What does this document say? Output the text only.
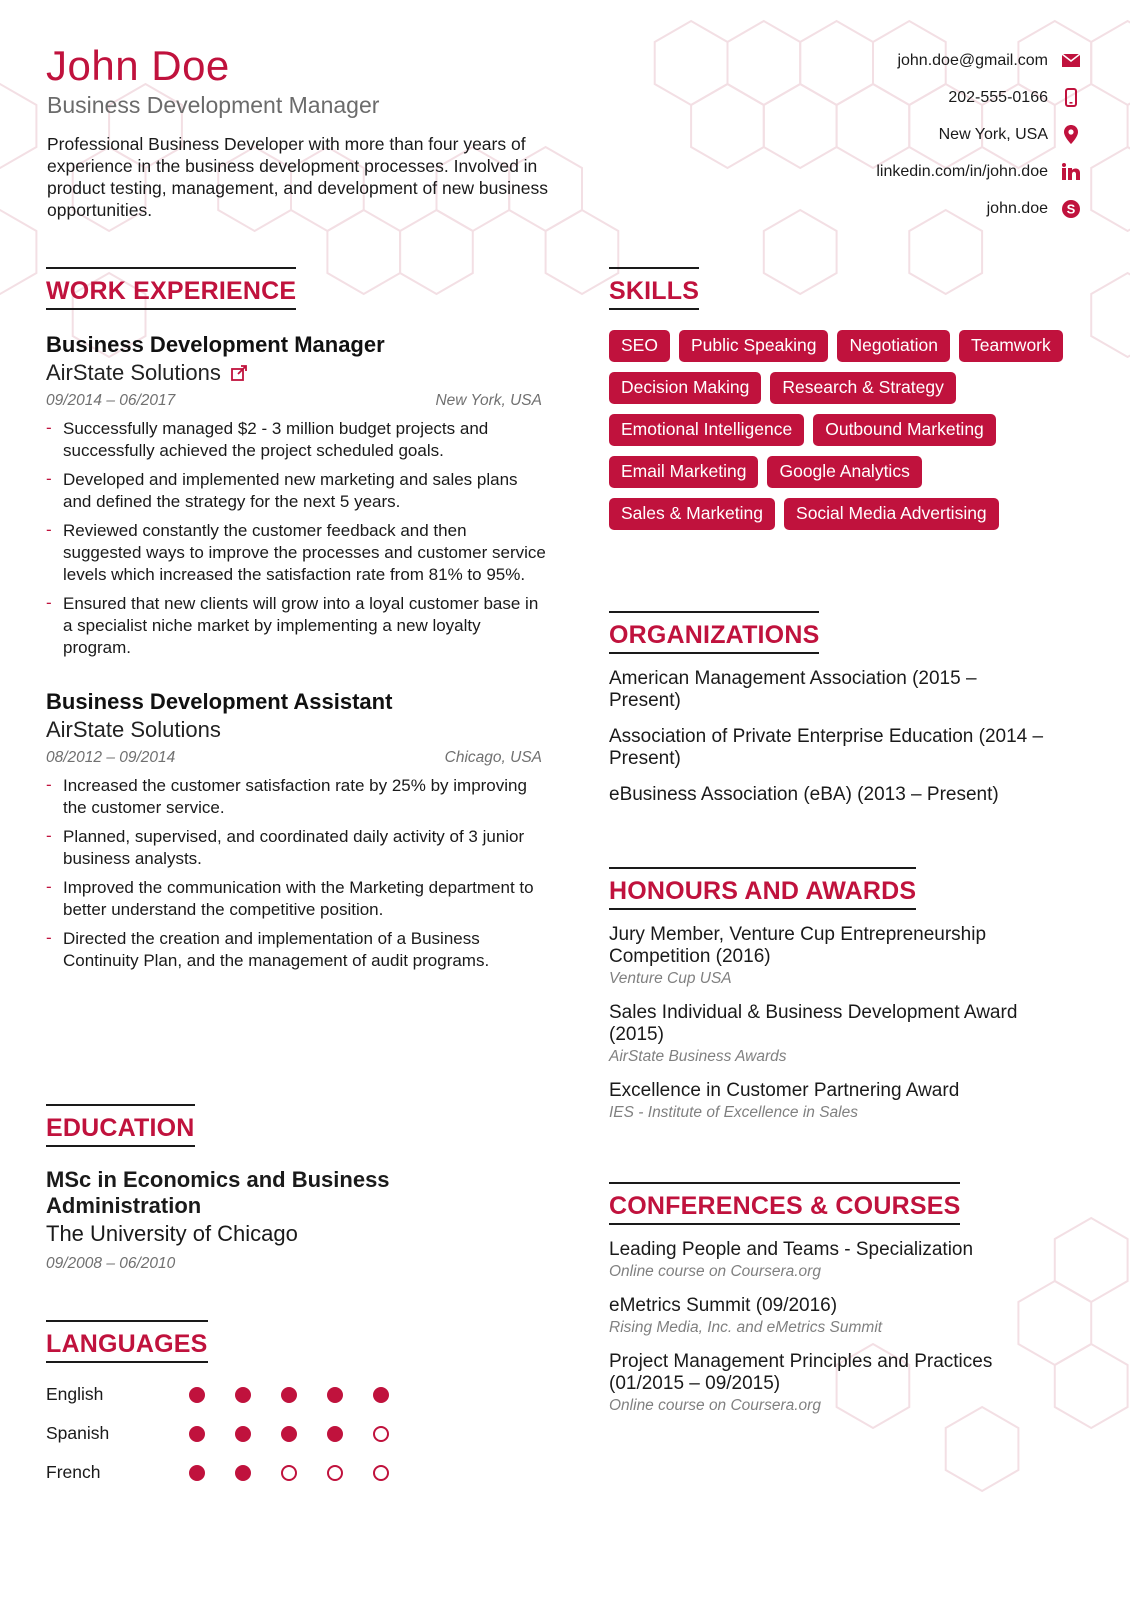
John Doe
Business Development Manager
Professional Business Developer with more than four years of experience in the business development processes. Involved in product testing, management, and development of new business opportunities.
john.doe@gmail.com
202-555-0166
New York, USA
linkedin.com/in/john.doe
john.doe S
WORK EXPERIENCE
Business Development Manager
AirState Solutions
09/2014 – 06/2017	New York, USA
- Successfully managed $2 - 3 million budget projects and successfully achieved the project scheduled goals.
- Developed and implemented new marketing and sales plans and defined the strategy for the next 5 years.
- Reviewed constantly the customer feedback and then suggested ways to improve the processes and customer service levels which increased the satisfaction rate from 81% to 95%.
- Ensured that new clients will grow into a loyal customer base in a specialist niche market by implementing a new loyalty program.
Business Development Assistant
AirState Solutions
08/2012 – 09/2014	Chicago, USA
- Increased the customer satisfaction rate by 25% by improving the customer service.
- Planned, supervised, and coordinated daily activity of 3 junior business analysts.
- Improved the communication with the Marketing department to better understand the competitive position.
- Directed the creation and implementation of a Business Continuity Plan, and the management of audit programs.
EDUCATION
MSc in Economics and Business Administration
The University of Chicago
09/2008 – 06/2010
LANGUAGES
English
Spanish
French
SKILLS
SEO	Public Speaking	Negotiation	Teamwork
Decision Making	Research & Strategy
Emotional Intelligence	Outbound Marketing
Email Marketing	Google Analytics
Sales & Marketing	Social Media Advertising
ORGANIZATIONS
American Management Association (2015 – Present)
Association of Private Enterprise Education (2014 – Present)
eBusiness Association (eBA) (2013 – Present)
HONOURS AND AWARDS
Jury Member, Venture Cup Entrepreneurship Competition (2016)
Venture Cup USA
Sales Individual & Business Development Award (2015)
AirState Business Awards
Excellence in Customer Partnering Award
IES - Institute of Excellence in Sales
CONFERENCES & COURSES
Leading People and Teams - Specialization
Online course on Coursera.org
eMetrics Summit (09/2016)
Rising Media, Inc. and eMetrics Summit
Project Management Principles and Practices (01/2015 – 09/2015)
Online course on Coursera.org
